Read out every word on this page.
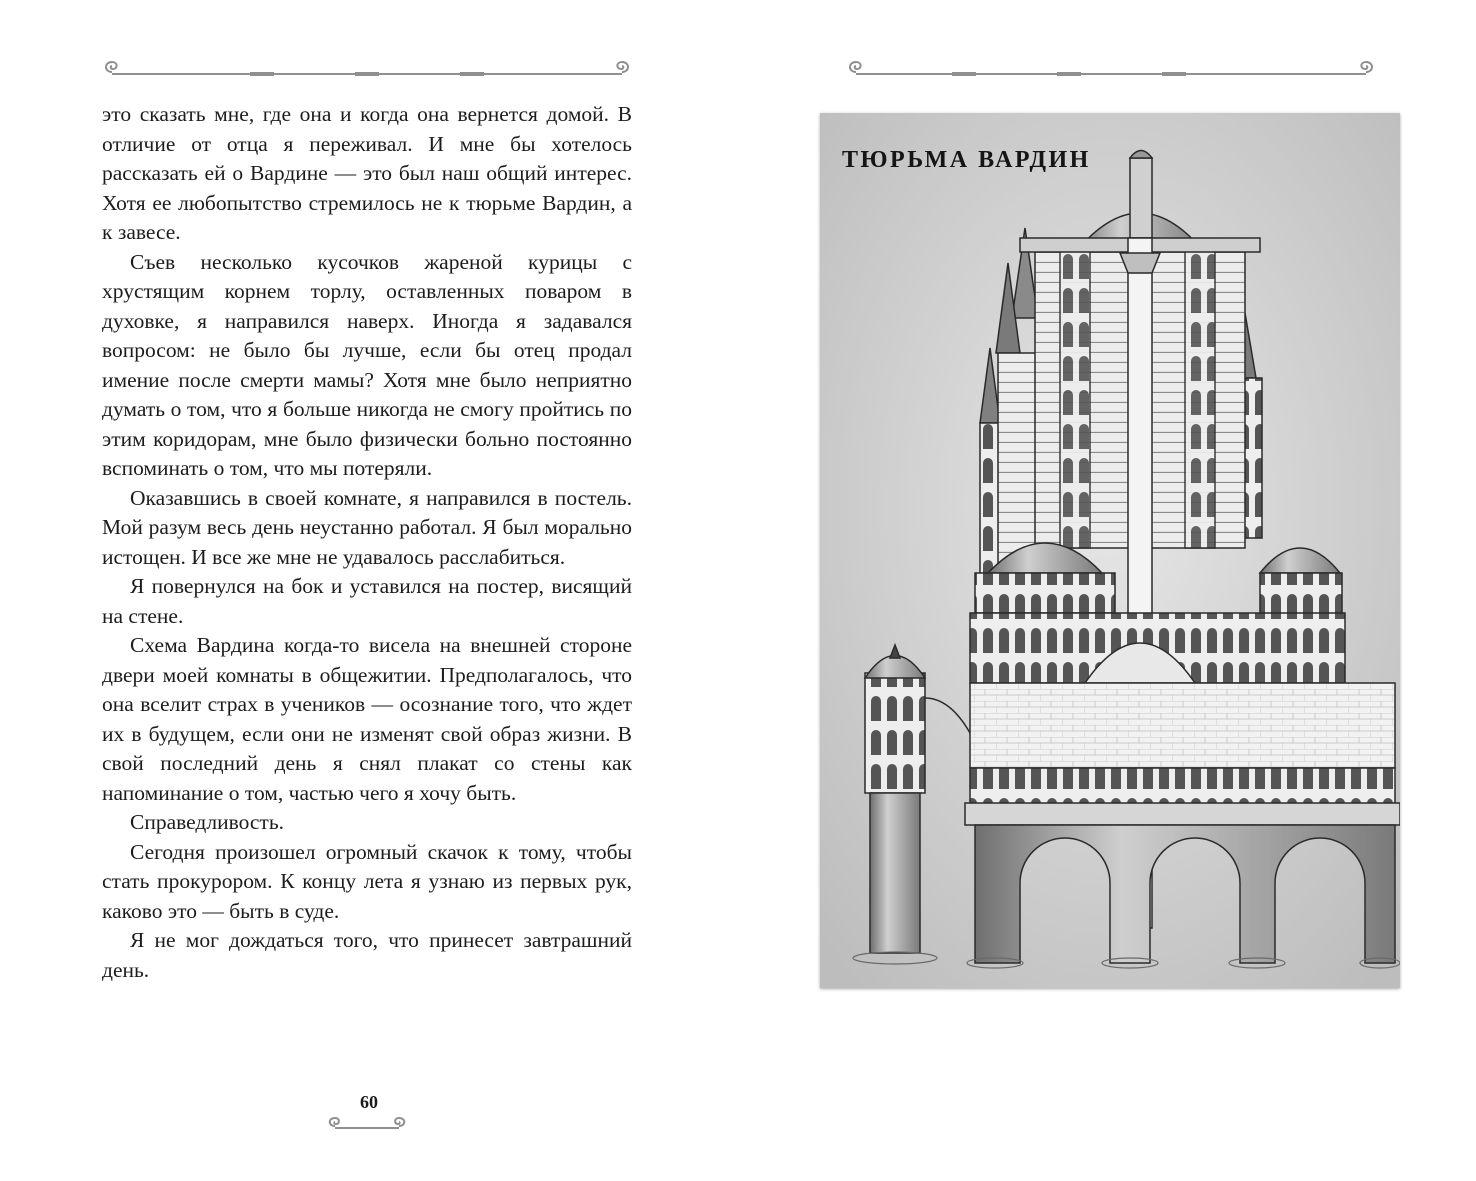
это сказать мне, где она и когда она вернется домой. В отличие от отца я переживал. И мне бы хотелось рассказать ей о Вардине — это был наш общий интерес. Хотя ее любопытство стремилось не к тюрьме Вардин, а к завесе.

Съев несколько кусочков жареной курицы с хрустящим корнем торлу, оставленных поваром в духовке, я направился наверх. Иногда я задавался вопросом: не было бы лучше, если бы отец продал имение после смерти мамы? Хотя мне было неприятно думать о том, что я больше никогда не смогу пройтись по этим коридорам, мне было физически больно постоянно вспоминать о том, что мы потеряли.

Оказавшись в своей комнате, я направился в постель. Мой разум весь день неустанно работал. Я был морально истощен. И все же мне не удавалось расслабиться.

Я повернулся на бок и уставился на постер, висящий на стене.

Схема Вардина когда-то висела на внешней стороне двери моей комнаты в общежитии. Предполагалось, что она вселит страх в учеников — осознание того, что ждет их в будущем, если они не изменят свой образ жизни. В свой последний день я снял плакат со стены как напоминание о том, частью чего я хочу быть.

Справедливость.

Сегодня произошел огромный скачок к тому, чтобы стать прокурором. К концу лета я узнаю из первых рук, каково это — быть в суде.

Я не мог дождаться того, что принесет завтрашний день.

60
ТЮРЬМА ВАРДИН
